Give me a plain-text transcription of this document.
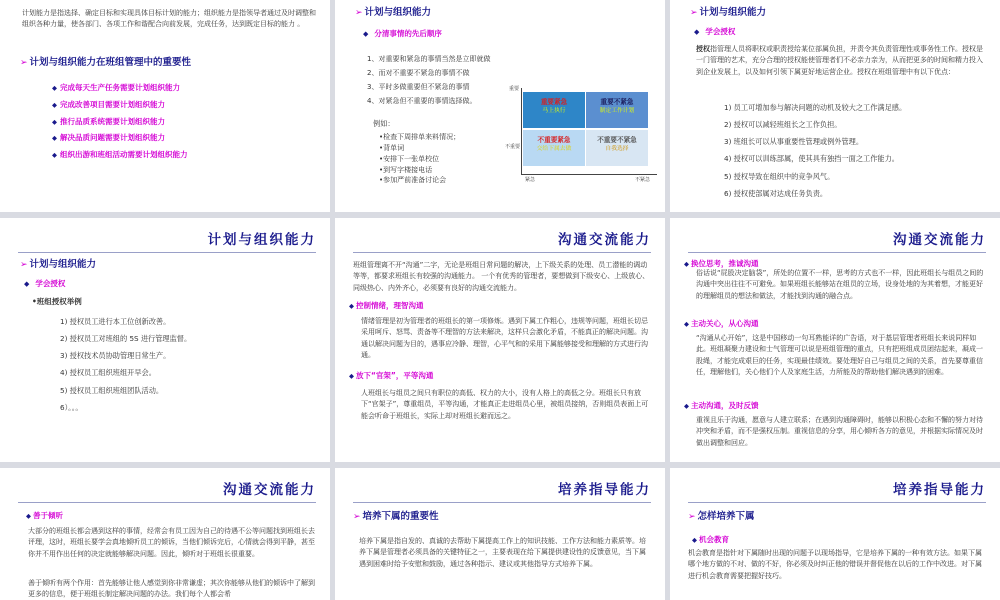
计划能力是指选择、确定目标和实现具体目标计划的能力；组织能力是指领导者通过及时调整和组织各种力量，使各部门、各项工作和谐配合向前发展，完成任务，达到既定目标的能力 。
➢ 计划与组织能力在班组管理中的重要性
◆ 完成每天生产任务需要计划组织能力
◆ 完成改善项目需要计划组织能力
◆ 推行品质系统需要计划组织能力
◆ 解决品质问题需要计划组织能力
◆ 组织出游和班组活动需要计划组织能力
➢ 计划与组织能力
◆ 分清事情的先后顺序
1、对重要和紧急的事情当然是立即就做
2、而对不重要不紧急的事情不做
3、平时多做重要但不紧急的事情
4、对紧急但不重要的事情选择做。
例如：
•检查下周排单来料情况；
•背单词
•安排下一张单校位
•到写字楼接电话
•参加严前准备讨论会
重要
不重要
重要紧急
马上执行
重要不紧急
制定工作计划
不重要紧急
交给下属去做
不重要不紧急
自我选择
紧急	不紧急
➢ 计划与组织能力
◆ 学会授权
授权指管理人员将职权或职责授给某位部属负担，并责令其负责管理性或事务性工作。授权是一门管理的艺术，充分合理的授权能使管理者们不必亲力亲为，从而把更多的时间和精力投入到企业发展上，以及如何引领下属更好地运营企业。授权在班组管理中有以下优点：
1) 员工可增加参与解决问题的动机及较大之工作满足感。
2) 授权可以减轻班组长之工作负担。
3) 班组长可以从事重要性管理或例外管理。
4) 授权可以训练部属，使其具有独挡一面之工作能力。
5) 授权导致在组织中的竞争风气。
6) 授权使部属对达成任务负责。
计划与组织能力
➢ 计划与组织能力
◆ 学会授权
•班组授权举例
1) 授权员工进行本工位创新改善。
2) 授权员工对班组的 5S 进行管理监督。
3) 授权技术员协助管理日常生产。
4) 授权员工组织班组开早会。
5) 授权员工组织班组团队活动。
6）。。。
沟通交流能力
班组管理离不开“沟通”二字，无论是班组日常问题的解决，上下级关系的处理、员工潜能的调动等等，都要求班组长有较强的沟通能力。 一个有优秀的管理者，要想做到下级安心、上级放心、同级热心、内外齐心，必须要有良好的沟通交流能力。
◆ 控制情绪，理智沟通
情绪管理是初为管理者的班组长的第一项修炼。遇到下属工作粗心，违规等问题，班组长切忌采用呵斥、怒骂、责备等不理智的方法来解决，这样只会激化矛盾，不能真正的解决问题。沟通以解决问题为目的，遇事应冷静、理智，心平气和的采用下属能够接受和理解的方式进行沟通。
◆ 放下“官架”，平等沟通
人班组长与组员之间只有职位的高低、权力的大小，没有人格上的高低之分。班组长只有放下“官架子”，尊重组员，平等沟通，才能真正走进组员心里，被组员接纳，否则组员表面上可能会听命于班组长，实际上却对班组长避而远之。
沟通交流能力
◆ 换位思考，推诚沟通
俗话说“屁股决定脑袋”，所处的位置不一样，思考的方式也不一样，因此班组长与组员之间的沟通中突出往往不可避免。如果班组长能够站在组员的立场，设身处地的为其着想，才能更好的理解组员的想法和做法，才能找到沟通的融合点。
◆ 主动关心，从心沟通
“沟通从心开始”，这是中国移动一句耳熟能详的广告语，对于基层管理者班组长来说同样如此。班组凝聚力建设和士气管理可以说是班组管理的重点，只有把班组成员团结起来，凝成一股绳，才能完成艰巨的任务，实现最佳绩效。要处理好自己与组员之间的关系，首先要尊重信任，理解他们，关心他们个人及家庭生活，力所能及的帮助他们解决遇到的困难。
◆ 主动沟通，及时反馈
重视且乐于沟通，愿意与人建立联系；在遇到沟通障碍时，能够以积极心态和不懈的努力对待冲突和矛盾，而不是强权压制。重视信息的分享，用心倾听各方的意见，并根据实际情况及时做出调整和回应。
沟通交流能力
◆ 善于倾听
大部分的班组长都会遇到这样的事情，经常会有员工因为自己的待遇不公等问题找到班组长去评理，这时，班组长要学会真地倾听员工的倾诉，当他们倾诉完后，心情就会得到平静，甚至你并不用作出任何的决定就能够解决问题。因此，倾听对于班组长很重要。
善于倾听有两个作用：首先能够让他人感觉到你非常谦虚；其次你能够从他们的倾诉中了解到更多的信息，便于班组长制定解决问题的办法。我们每个人都会希
培养指导能力
➢ 培养下属的重要性
培养下属是指自发的、真诚的去帮助下属提高工作上的知识技能、工作方法和能力素质等。培养下属是管理者必须具备的关键特征之一，主要表现在给下属提供建设性的反馈意见，当下属遇到困难时给予安慰和鼓励，通过各种指示、建议或其他指导方式培养下属。
培养指导能力
➢ 怎样培养下属
◆ 机会教育
机会教育是指针对下属随时出现的问题予以现场指导，它是培养下属的一种有效方法。如果下属哪个地方做的不对、做的不好，你必须及时纠正他的错误并督促他在以后的工作中改进。对下属进行机会教育需要把握好技巧。
